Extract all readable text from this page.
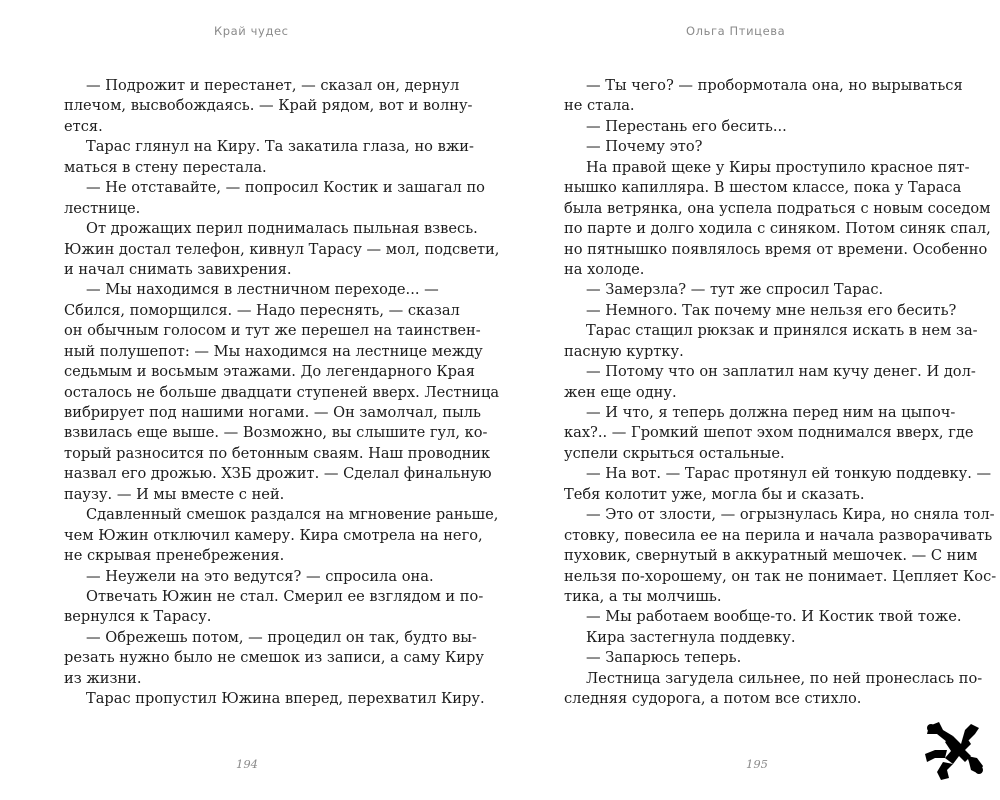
Край чудес
— Подрожит и перестанет, — сказал он, дернул
плечом, высвобождаясь. — Край рядом, вот и волну-
ется.
Тарас глянул на Киру. Та закатила глаза, но вжи-
маться в стену перестала.
— Не отставайте, — попросил Костик и зашагал по
лестнице.
От дрожащих перил поднималась пыльная взвесь.
Южин достал телефон, кивнул Тарасу — мол, подсвети,
и начал снимать завихрения.
— Мы находимся в лестничном переходе... —
Сбился, поморщился. — Надо переснять, — сказал
он обычным голосом и тут же перешел на таинствен-
ный полушепот: — Мы находимся на лестнице между
седьмым и восьмым этажами. До легендарного Края
осталось не больше двадцати ступеней вверх. Лестница
вибрирует под нашими ногами. — Он замолчал, пыль
взвилась еще выше. — Возможно, вы слышите гул, ко-
торый разносится по бетонным сваям. Наш проводник
назвал его дрожью. ХЗБ дрожит. — Сделал финальную
паузу. — И мы вместе с ней.
Сдавленный смешок раздался на мгновение раньше,
чем Южин отключил камеру. Кира смотрела на него,
не скрывая пренебрежения.
— Неужели на это ведутся? — спросила она.
Отвечать Южин не стал. Смерил ее взглядом и по-
вернулся к Тарасу.
— Обрежешь потом, — процедил он так, будто вы-
резать нужно было не смешок из записи, а саму Киру
из жизни.
Тарас пропустил Южина вперед, перехватил Киру.
194
Ольга Птицева
— Ты чего? — пробормотала она, но вырываться
не стала.
— Перестань его бесить...
— Почему это?
На правой щеке у Киры проступило красное пят-
нышко капилляра. В шестом классе, пока у Тараса
была ветрянка, она успела подраться с новым соседом
по парте и долго ходила с синяком. Потом синяк спал,
но пятнышко появлялось время от времени. Особенно
на холоде.
— Замерзла? — тут же спросил Тарас.
— Немного. Так почему мне нельзя его бесить?
Тарас стащил рюкзак и принялся искать в нем за-
пасную куртку.
— Потому что он заплатил нам кучу денег. И дол-
жен еще одну.
— И что, я теперь должна перед ним на цыпоч-
ках?.. — Громкий шепот эхом поднимался вверх, где
успели скрыться остальные.
— На вот. — Тарас протянул ей тонкую поддевку. —
Тебя колотит уже, могла бы и сказать.
— Это от злости, — огрызнулась Кира, но сняла тол-
стовку, повесила ее на перила и начала разворачивать
пуховик, свернутый в аккуратный мешочек. — С ним
нельзя по-хорошему, он так не понимает. Цепляет Кос-
тика, а ты молчишь.
— Мы работаем вообще-то. И Костик твой тоже.
Кира застегнула поддевку.
— Запарюсь теперь.
Лестница загудела сильнее, по ней пронеслась по-
следняя судорога, а потом все стихло.
195
